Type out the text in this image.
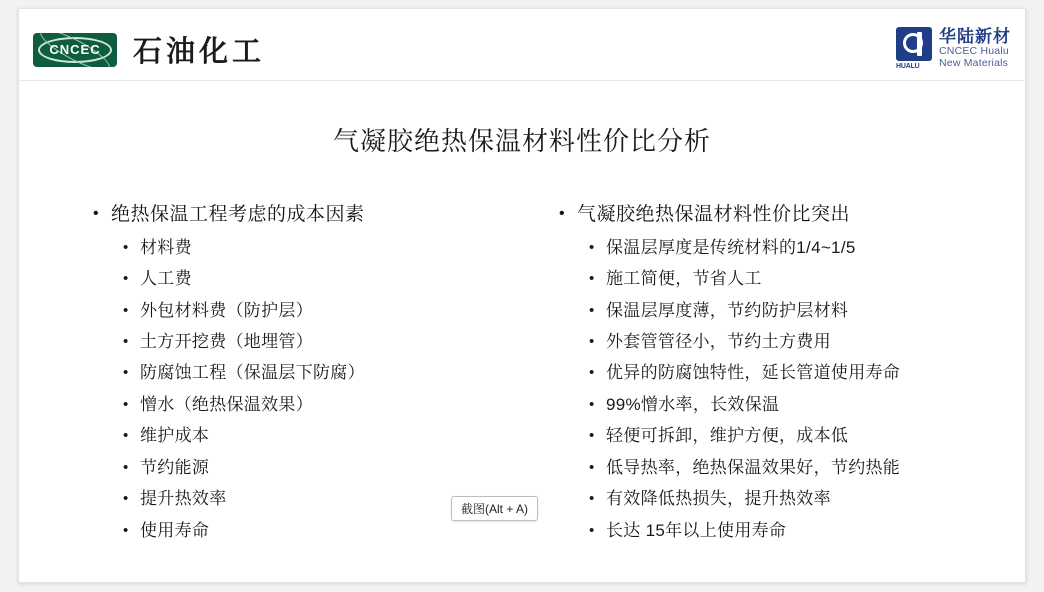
CNCEC 石油化工	HUALU
华陆新材
CNCEC Hualu
New Materials
气凝胶绝热保温材料性价比分析
• 绝热保温工程考虑的成本因素
• 材料费
• 人工费
• 外包材料费（防护层）
• 土方开挖费（地埋管）
• 防腐蚀工程（保温层下防腐）
• 憎水（绝热保温效果）
• 维护成本
• 节约能源
• 提升热效率
• 使用寿命
• 气凝胶绝热保温材料性价比突出
• 保温层厚度是传统材料的1/4~1/5
• 施工简便，节省人工
• 保温层厚度薄，节约防护层材料
• 外套管管径小，节约土方费用
• 优异的防腐蚀特性，延长管道使用寿命
• 99%憎水率，长效保温
• 轻便可拆卸，维护方便，成本低
• 低导热率，绝热保温效果好，节约热能
• 有效降低热损失，提升热效率
• 长达 15年以上使用寿命
截图(Alt + A)
